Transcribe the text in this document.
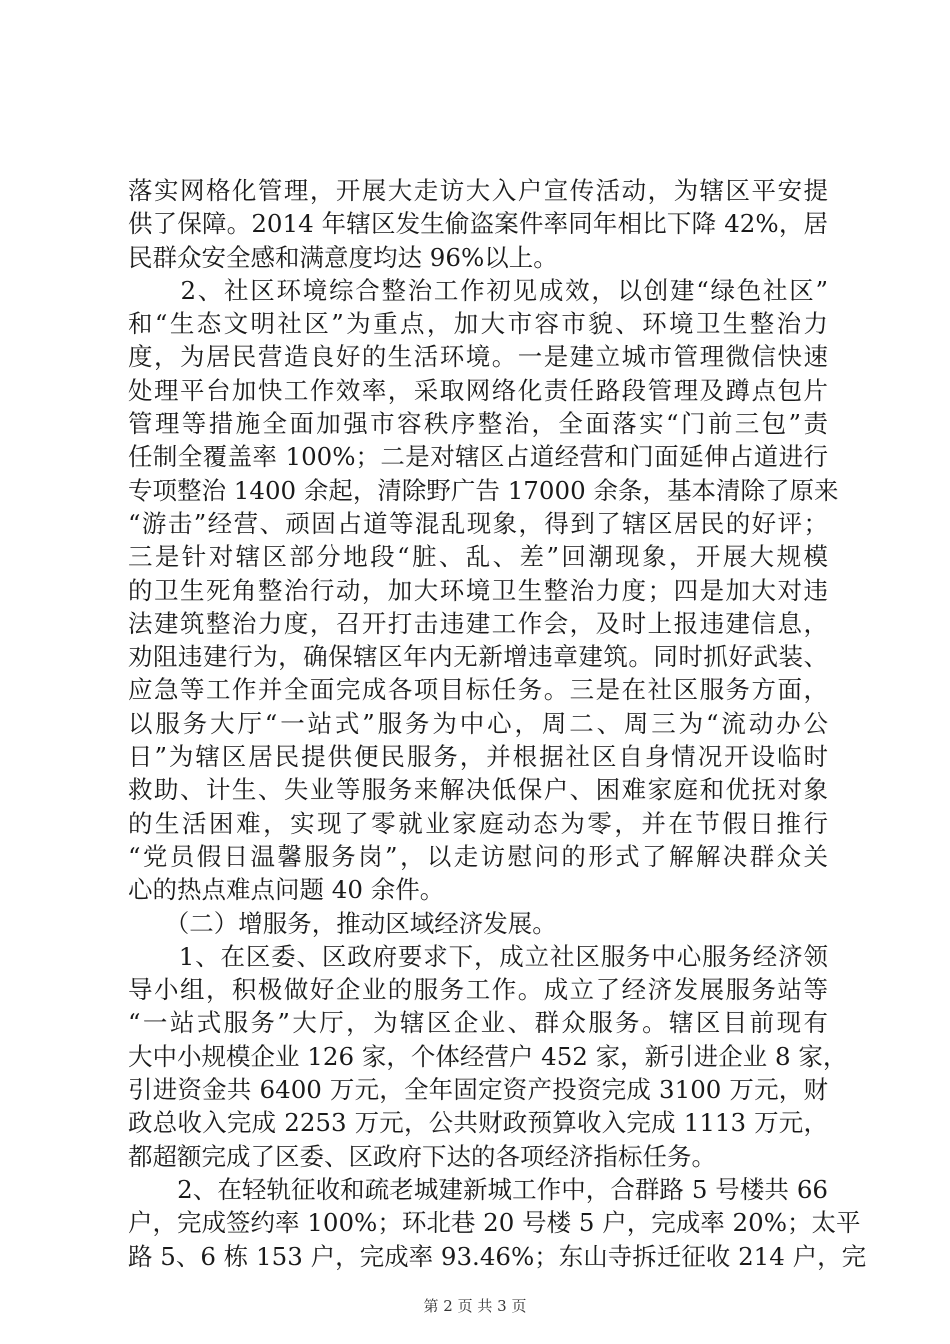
落实网格化管理，开展大走访大入户宣传活动，为辖区平安提
供了保障。2014 年辖区发生偷盗案件率同年相比下降 42%，居
民群众安全感和满意度均达 96%以上。
　　2、社区环境综合整治工作初见成效，以创建“绿色社区”
和“生态文明社区”为重点，加大市容市貌、环境卫生整治力
度，为居民营造良好的生活环境。一是建立城市管理微信快速
处理平台加快工作效率，采取网络化责任路段管理及蹲点包片
管理等措施全面加强市容秩序整治，全面落实“门前三包”责
任制全覆盖率 100%；二是对辖区占道经营和门面延伸占道进行
专项整治 1400 余起，清除野广告 17000 余条，基本清除了原来
“游击”经营、顽固占道等混乱现象，得到了辖区居民的好评；
三是针对辖区部分地段“脏、乱、差”回潮现象，开展大规模
的卫生死角整治行动，加大环境卫生整治力度；四是加大对违
法建筑整治力度，召开打击违建工作会，及时上报违建信息，
劝阻违建行为，确保辖区年内无新增违章建筑。同时抓好武装、
应急等工作并全面完成各项目标任务。三是在社区服务方面，
以服务大厅“一站式”服务为中心，周二、周三为“流动办公
日”为辖区居民提供便民服务，并根据社区自身情况开设临时
救助、计生、失业等服务来解决低保户、困难家庭和优抚对象
的生活困难，实现了零就业家庭动态为零，并在节假日推行
“党员假日温馨服务岗”，以走访慰问的形式了解解决群众关
心的热点难点问题 40 余件。
　　（二）增服务，推动区域经济发展。
　　1、在区委、区政府要求下，成立社区服务中心服务经济领
导小组，积极做好企业的服务工作。成立了经济发展服务站等
“一站式服务”大厅，为辖区企业、群众服务。辖区目前现有
大中小规模企业 126 家，个体经营户 452 家，新引进企业 8 家，
引进资金共 6400 万元，全年固定资产投资完成 3100 万元，财
政总收入完成 2253 万元，公共财政预算收入完成 1113 万元，
都超额完成了区委、区政府下达的各项经济指标任务。
　　2、在轻轨征收和疏老城建新城工作中，合群路 5 号楼共 66
户，完成签约率 100%；环北巷 20 号楼 5 户，完成率 20%；太平
路 5、6 栋 153 户，完成率 93.46%；东山寺拆迁征收 214 户，完
第 2 页 共 3 页
